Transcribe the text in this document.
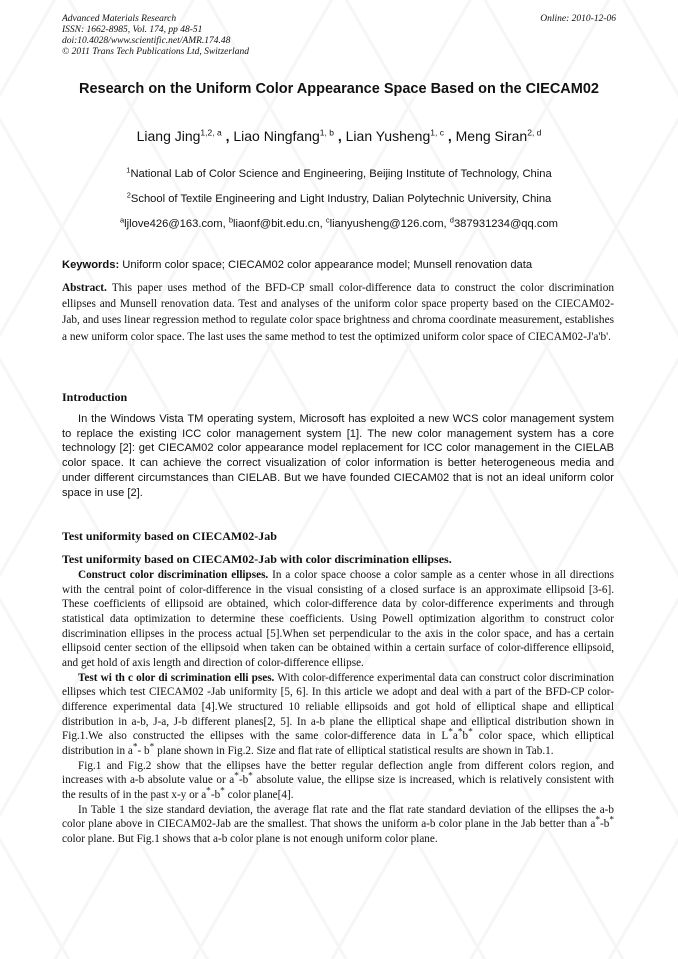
Advanced Materials Research
ISSN: 1662-8985, Vol. 174, pp 48-51
doi:10.4028/www.scientific.net/AMR.174.48
© 2011 Trans Tech Publications Ltd, Switzerland
Online: 2010-12-06
Research on the Uniform Color Appearance Space Based on the CIECAM02
Liang Jing$^{1,2, a}$ , Liao Ningfang$^{1, b}$ , Lian Yusheng$^{1, c}$ , Meng Siran$^{2, d}$
$^1$National Lab of Color Science and Engineering, Beijing Institute of Technology, China
$^2$School of Textile Engineering and Light Industry, Dalian Polytechnic University, China
$^a$ljlove426@163.com, $^b$liaonf@bit.edu.cn, $^c$lianyusheng@126.com, $^d$387931234@qq.com
Keywords: Uniform color space; CIECAM02 color appearance model; Munsell renovation data
Abstract. This paper uses method of the BFD-CP small color-difference data to construct the color discrimination ellipses and Munsell renovation data. Test and analyses of the uniform color space property based on the CIECAM02-Jab, and uses linear regression method to regulate color space brightness and chroma coordinate measurement, establishes a new uniform color space. The last uses the same method to test the optimized uniform color space of CIECAM02-J'a'b'.
Introduction

In the Windows Vista TM operating system, Microsoft has exploited a new WCS color management system to replace the existing ICC color management system [1]. The new color management system has a core technology [2]: get CIECAM02 color appearance model replacement for ICC color management in the CIELAB color space. It can achieve the correct visualization of color information is better heterogeneous media and under different circumstances than CIELAB. But we have founded CIECAM02 that is not an ideal uniform color space in use [2].

Test uniformity based on CIECAM02-Jab
Test uniformity based on CIECAM02-Jab with color discrimination ellipses.

Construct color discrimination ellipses. In a color space choose a color sample as a center whose in all directions with the central point of color-difference in the visual consisting of a closed surface is an approximate ellipsoid [3-6]. These coefficients of ellipsoid are obtained, which color-difference data by color-difference experiments and through statistical data optimization to determine these coefficients. Using Powell optimization algorithm to construct color discrimination ellipses in the process actual [5].When set perpendicular to the axis in the color space, and has a certain ellipsoid center section of the ellipsoid when taken can be obtained within a certain surface of color-difference ellipsoid, and get hold of axis length and direction of color-difference ellipse.

Test wi th c olor di scrimination elli pses. With color-difference experimental data can construct color discrimination ellipses which test CIECAM02 -Jab uniformity [5, 6]. In this article we adopt and deal with a part of the BFD-CP color-difference experimental data [4].We structured 10 reliable ellipsoids and got hold of elliptical shape and elliptical distribution in a-b, J-a, J-b different planes[2, 5]. In a-b plane the elliptical shape and elliptical distribution shown in Fig.1.We also constructed the ellipses with the same color-difference data in L*a*b* color space, which elliptical distribution in a*- b* plane shown in Fig.2. Size and flat rate of elliptical statistical results are shown in Tab.1.

Fig.1 and Fig.2 show that the ellipses have the better regular deflection angle from different colors region, and increases with a-b absolute value or a*-b* absolute value, the ellipse size is increased, which is relatively consistent with the results of in the past x-y or a*-b* color plane[4].

In Table 1 the size standard deviation, the average flat rate and the flat rate standard deviation of the ellipses the a-b color plane above in CIECAM02-Jab are the smallest. That shows the uniform a-b color plane in the Jab better than a*-b* color plane. But Fig.1 shows that a-b color plane is not enough uniform color plane.
